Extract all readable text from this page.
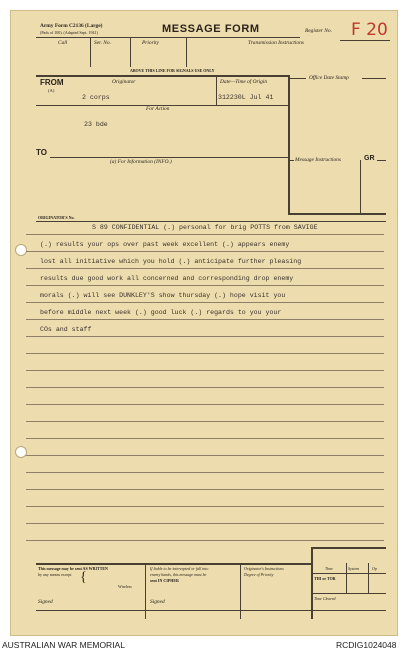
Army Form C2136 (Large)
(Pads of 100). (Adapted Sept. 1941)	MESSAGE FORM	Register No. F 20
Call	Ser. No.	Priority	Transmission Instructions
ABOVE THIS LINE FOR SIGNALS USE ONLY
Office Date Stamp
FROM
(A)
Originator	Date—Time of Origin
2 corps	312230L Jul 41
For Action
23 bde
TO
(a) For Information (INFO.)	Message Instructions	GR
ORIGINATOR'S No.
S 89 CONFIDENTIAL (.) personal for brig POTTS from SAVIGE
(.) results your ops over past week excellent (.) appears enemy
lost all initiative which you hold (.) anticipate further pleasing
results due good work all concerned and corresponding drop enemy
morals (.) will see DUNKLEY'S show thursday (.) hope visit you
before middle next week (.) good luck (.) regards to you your
COs and staff
This message may be sent AS WRITTEN
by any means except {
Wireless
If liable to be intercepted or fall into
enemy hands, this message must be
sent IN CIPHER
Originator's Instructions
Degree of Priority
Time	System	Op
THI or TOR
Time Cleared
Signed	Signed
AUSTRALIAN WAR MEMORIAL	RCDIG1024048
